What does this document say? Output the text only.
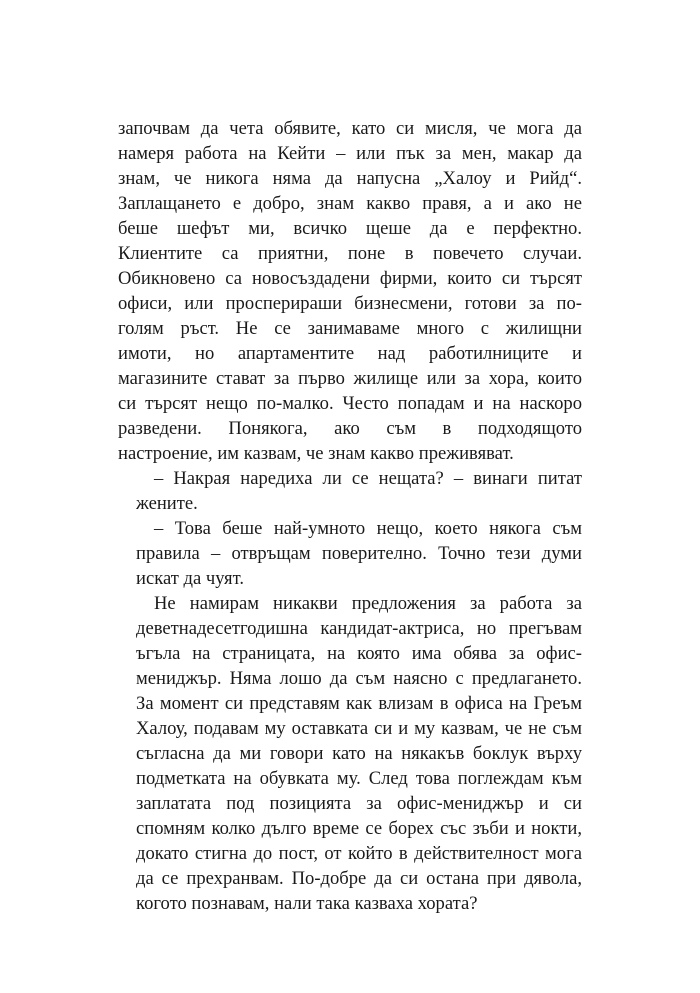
започвам да чета обявите, като си мисля, че мога да
намеря работа на Кейти – или пък за мен, макар да
знам, че никога няма да напусна „Халоу и Рийд“.
Заплащането е добро, знам какво правя, а и ако не
беше шефът ми, всичко щеше да е перфектно.
Клиентите са приятни, поне в повечето случаи.
Обикновено са новосъздадени фирми, които си търсят
офиси, или просперираши бизнесмени, готови за по-
голям ръст. Не се занимаваме много с жилищни
имоти, но апартаментите над работилниците и
магазините стават за първо жилище или за хора, които
си търсят нещо по-малко. Често попадам и на наскоро
разведени. Понякога, ако съм в подходящото
настроение, им казвам, че знам какво преживяват.
– Накрая наредиха ли се нещата? – винаги питат
жените.
– Това беше най-умното нещо, което някога съм
правила – отвръщам поверително. Точно тези думи
искат да чуят.
Не намирам никакви предложения за работа за
деветнадесетгодишна кандидат-актриса, но прегъвам
ъгъла на страницата, на която има обява за офис-
мениджър. Няма лошо да съм наясно с предлагането.
За момент си представям как влизам в офиса на Греъм
Халоу, подавам му оставката си и му казвам, че не съм
съгласна да ми говори като на някакъв боклук върху
подметката на обувката му. След това поглеждам към
заплатата под позицията за офис-мениджър и си
спомням колко дълго време се борех със зъби и нокти,
докато стигна до пост, от който в действителност мога
да се прехранвам. По-добре да си остана при дявола,
когото познавам, нали така казваха хората?
